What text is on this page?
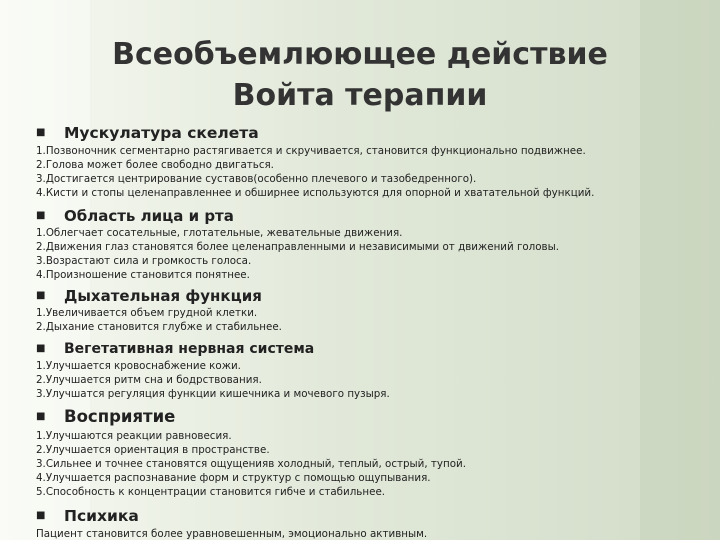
Всеобъемлюющее действие
Войта терапии
■	Мускулатура скелета
1.Позвоночник сегментарно растягивается и скручивается, становится функционально подвижнее.
2.Голова может более свободно двигаться.
3.Достигается центрирование суставов(особенно плечевого и тазобедренного).
4.Кисти и стопы целенаправленнее и обширнее используются для опорной и хватательной функций.
■	Область лица и рта
1.Облегчает сосательные, глотательные, жевательные движения.
2.Движения глаз становятся более целенаправленными и независимыми от движений головы.
3.Возрастают сила и громкость голоса.
4.Произношение становится понятнее.
■	Дыхательная функция
1.Увеличивается объем грудной клетки.
2.Дыхание становится глубже и стабильнее.
■	Вегетативная нервная система
1.Улучшается кровоснабжение кожи.
2.Улучшается ритм сна и бодрствования.
3.Улучшатся регуляция функции кишечника и мочевого пузыря.
■	Восприятие
1.Улучшаются реакции равновесия.
2.Улучшается ориентация в пространстве.
3.Сильнее и точнее становятся ощущенияв холодный, теплый, острый, тупой.
4.Улучшается распознавание форм и структур с помощью ощупывания.
5.Способность к концентрации становится гибче и стабильнее.
■	Психика
Пациент становится более уравновешенным, эмоционально активным.
